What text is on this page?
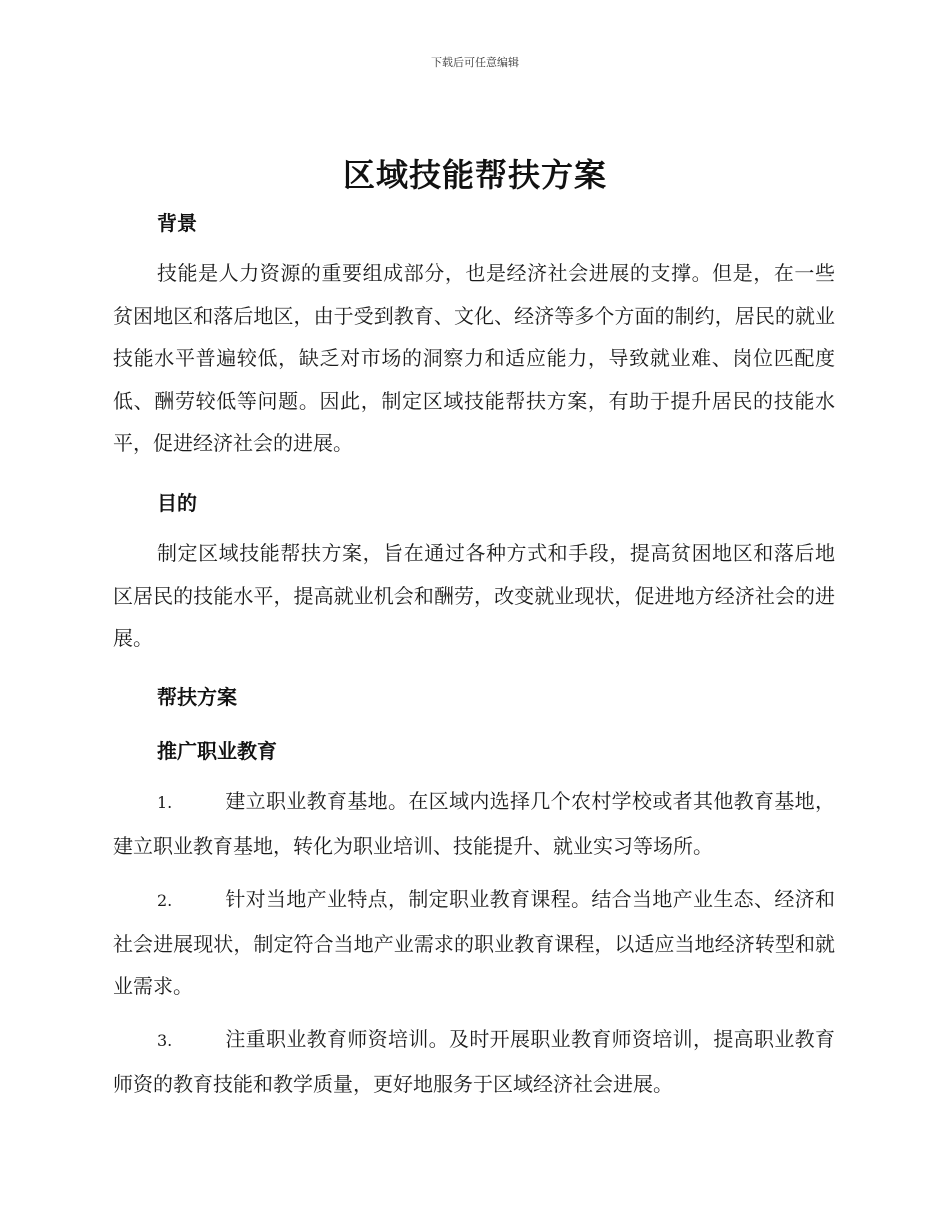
下载后可任意编辑
区域技能帮扶方案
背景
技能是人力资源的重要组成部分，也是经济社会进展的支撑。但是，在一些贫困地区和落后地区，由于受到教育、文化、经济等多个方面的制约，居民的就业技能水平普遍较低，缺乏对市场的洞察力和适应能力，导致就业难、岗位匹配度低、酬劳较低等问题。因此，制定区域技能帮扶方案，有助于提升居民的技能水平，促进经济社会的进展。
目的
制定区域技能帮扶方案，旨在通过各种方式和手段，提高贫困地区和落后地区居民的技能水平，提高就业机会和酬劳，改变就业现状，促进地方经济社会的进展。
帮扶方案
推广职业教育
1.	建立职业教育基地。在区域内选择几个农村学校或者其他教育基地，建立职业教育基地，转化为职业培训、技能提升、就业实习等场所。
2.	针对当地产业特点，制定职业教育课程。结合当地产业生态、经济和社会进展现状，制定符合当地产业需求的职业教育课程，以适应当地经济转型和就业需求。
3.	注重职业教育师资培训。及时开展职业教育师资培训，提高职业教育师资的教育技能和教学质量，更好地服务于区域经济社会进展。
